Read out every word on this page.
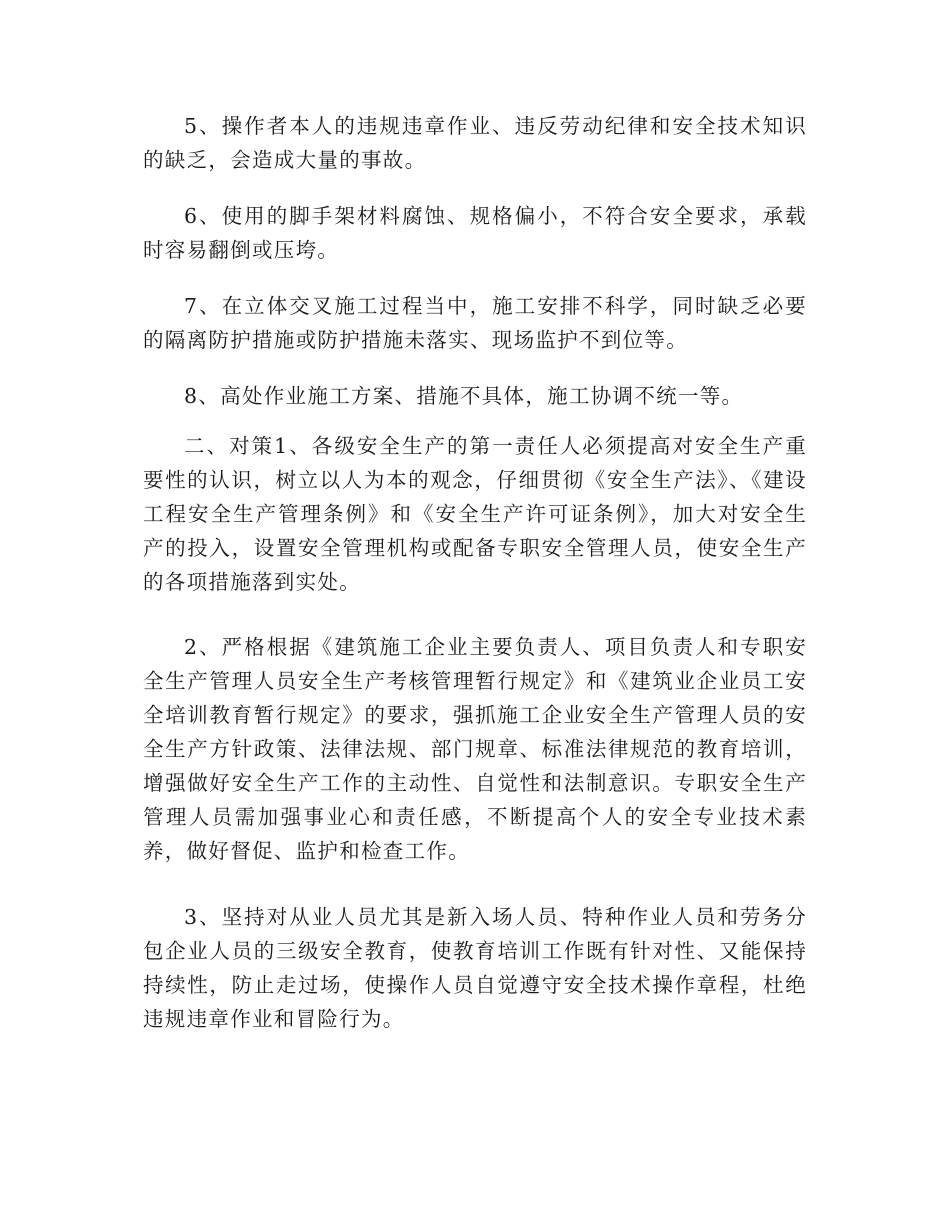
5、操作者本人的违规违章作业、违反劳动纪律和安全技术知识的缺乏，会造成大量的事故。

6、使用的脚手架材料腐蚀、规格偏小，不符合安全要求，承载时容易翻倒或压垮。

7、在立体交叉施工过程当中，施工安排不科学，同时缺乏必要的隔离防护措施或防护措施未落实、现场监护不到位等。

8、高处作业施工方案、措施不具体，施工协调不统一等。

二、对策1、各级安全生产的第一责任人必须提高对安全生产重要性的认识，树立以人为本的观念，仔细贯彻《安全生产法》、《建设工程安全生产管理条例》和《安全生产许可证条例》，加大对安全生产的投入，设置安全管理机构或配备专职安全管理人员，使安全生产的各项措施落到实处。

2、严格根据《建筑施工企业主要负责人、项目负责人和专职安全生产管理人员安全生产考核管理暂行规定》和《建筑业企业员工安全培训教育暂行规定》的要求，强抓施工企业安全生产管理人员的安全生产方针政策、法律法规、部门规章、标准法律规范的教育培训，增强做好安全生产工作的主动性、自觉性和法制意识。专职安全生产管理人员需加强事业心和责任感，不断提高个人的安全专业技术素养，做好督促、监护和检查工作。

3、坚持对从业人员尤其是新入场人员、特种作业人员和劳务分包企业人员的三级安全教育，使教育培训工作既有针对性、又能保持持续性，防止走过场，使操作人员自觉遵守安全技术操作章程，杜绝违规违章作业和冒险行为。
